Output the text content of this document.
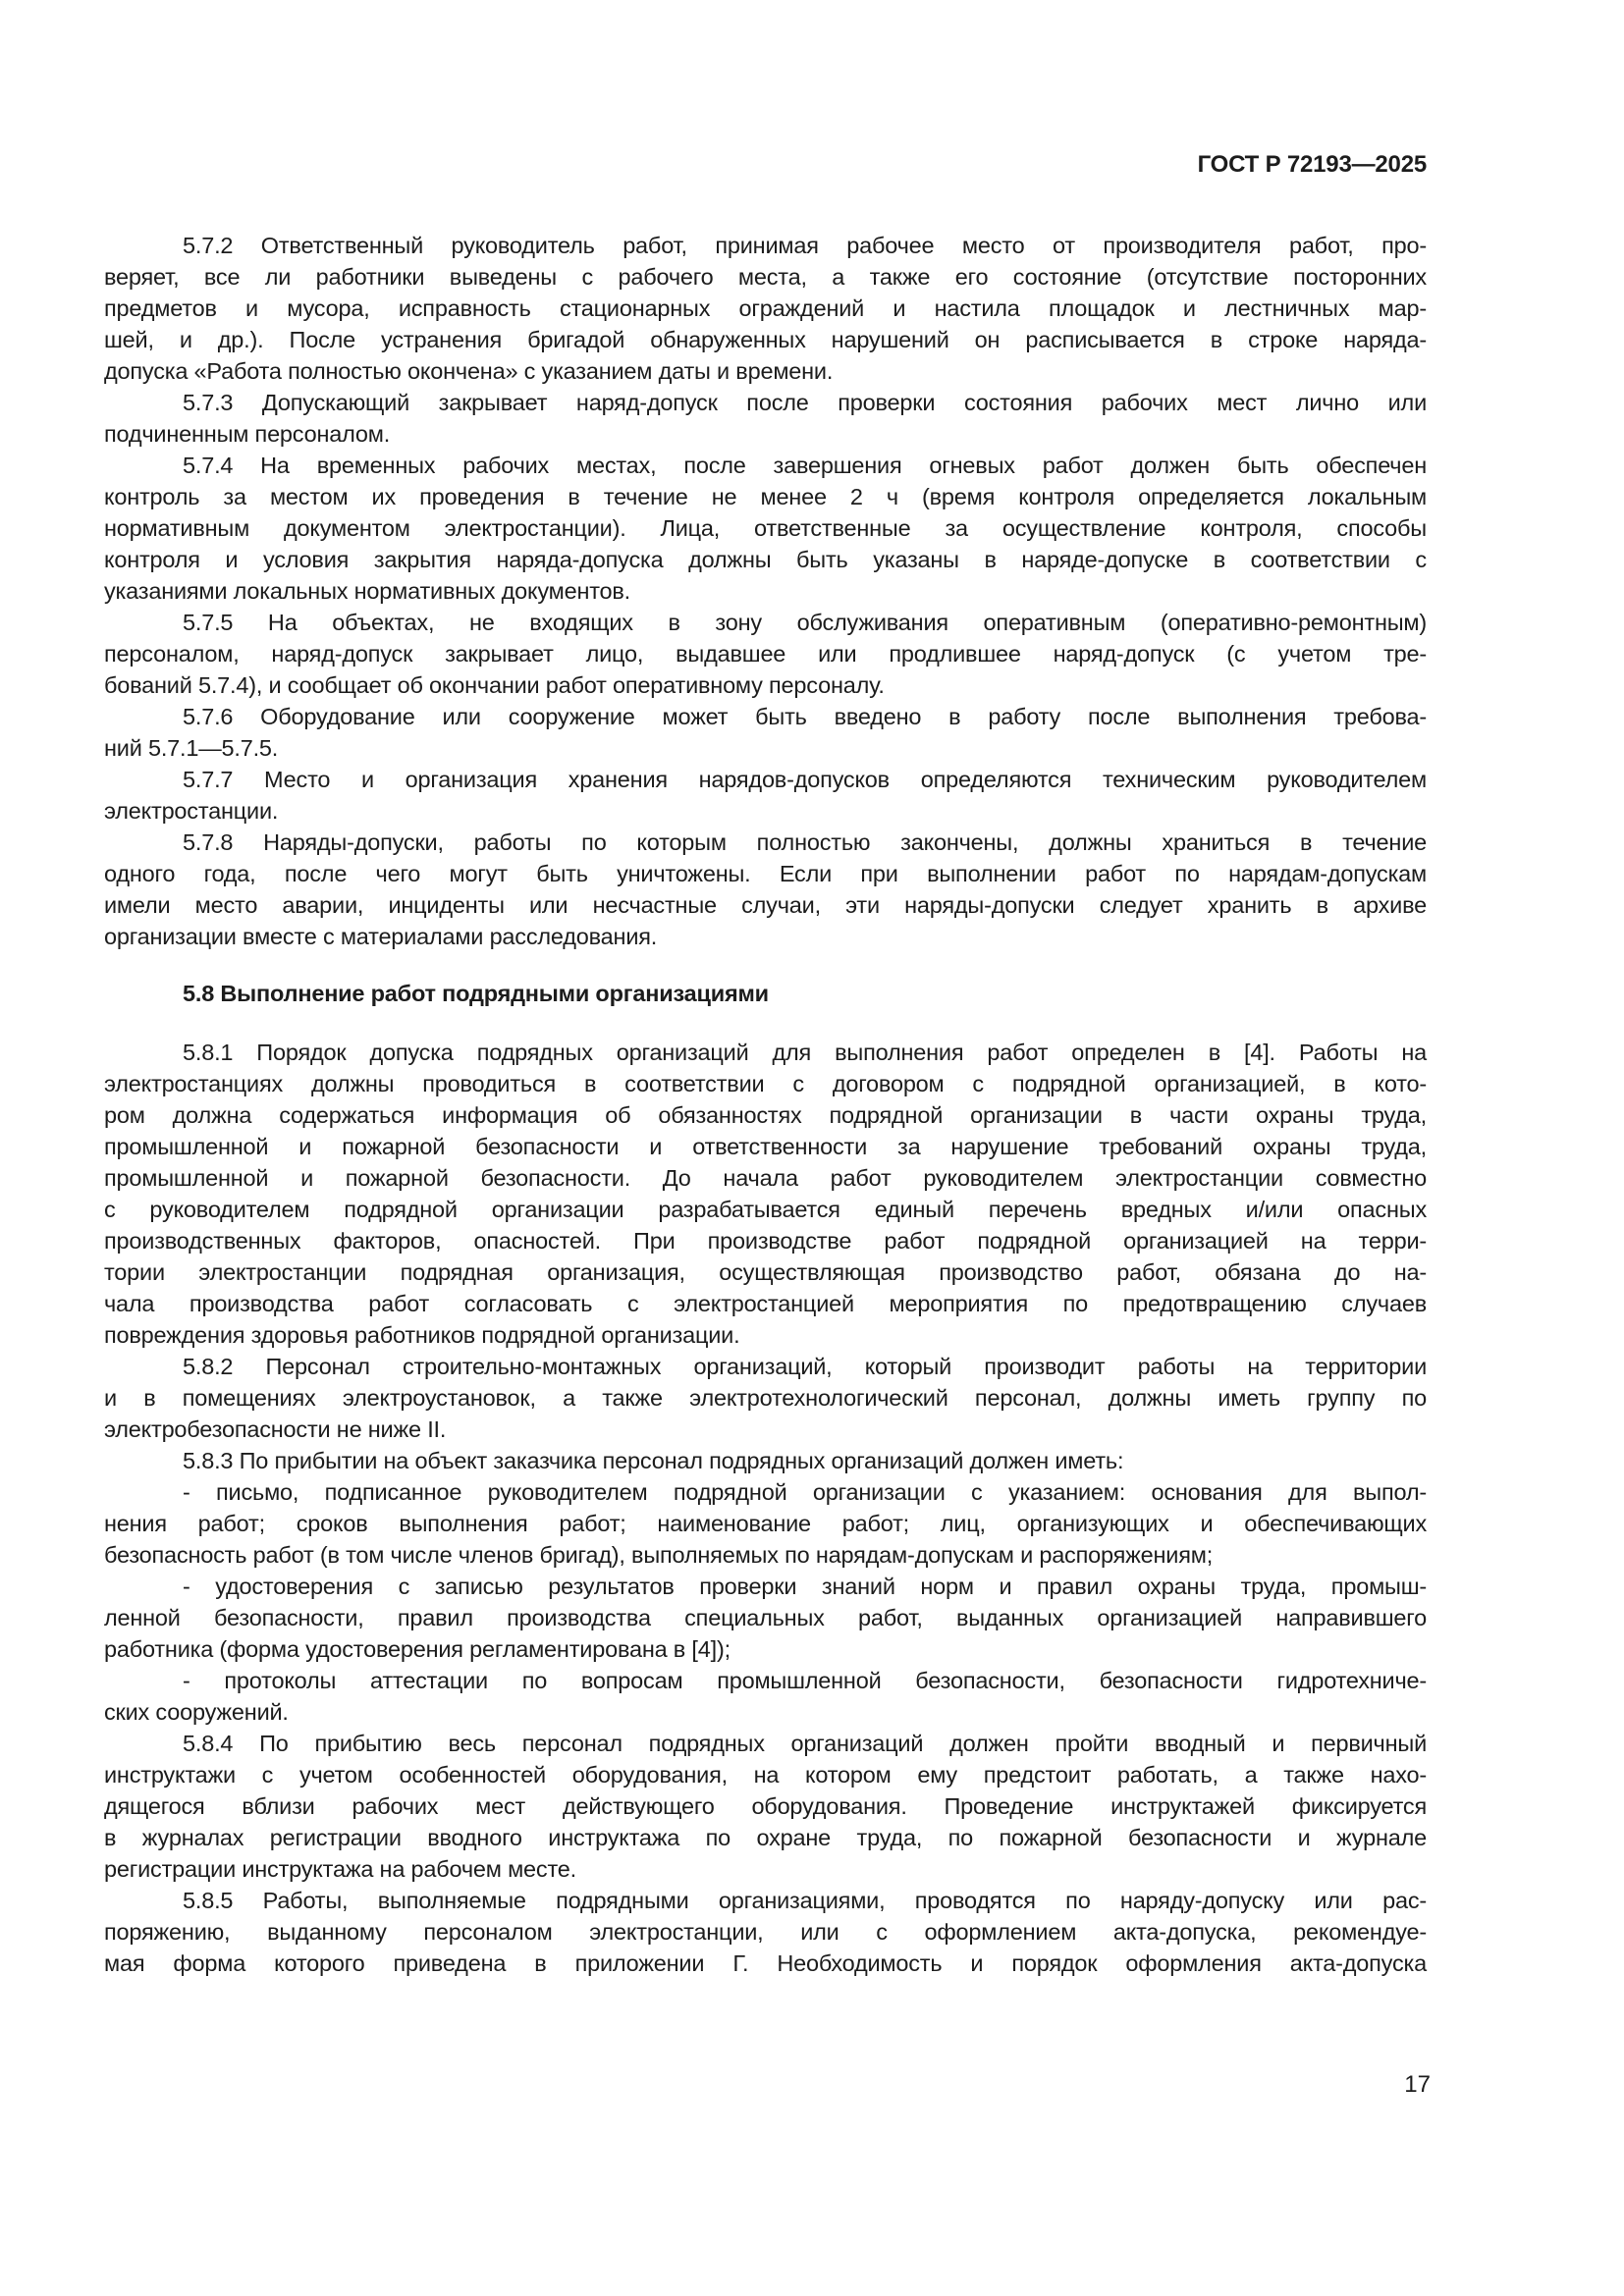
ГОСТ Р 72193—2025
5.7.2 Ответственный руководитель работ, принимая рабочее место от производителя работ, про-
веряет, все ли работники выведены с рабочего места, а также его состояние (отсутствие посторонних
предметов и мусора, исправность стационарных ограждений и настила площадок и лестничных мар-
шей, и др.). После устранения бригадой обнаруженных нарушений он расписывается в строке наряда-
допуска «Работа полностью окончена» с указанием даты и времени.
5.7.3 Допускающий закрывает наряд-допуск после проверки состояния рабочих мест лично или
подчиненным персоналом.
5.7.4 На временных рабочих местах, после завершения огневых работ должен быть обеспечен
контроль за местом их проведения в течение не менее 2 ч (время контроля определяется локальным
нормативным документом электростанции). Лица, ответственные за осуществление контроля, способы
контроля и условия закрытия наряда-допуска должны быть указаны в наряде-допуске в соответствии с
указаниями локальных нормативных документов.
5.7.5 На объектах, не входящих в зону обслуживания оперативным (оперативно-ремонтным)
персоналом, наряд-допуск закрывает лицо, выдавшее или продлившее наряд-допуск (с учетом тре-
бований 5.7.4), и сообщает об окончании работ оперативному персоналу.
5.7.6 Оборудование или сооружение может быть введено в работу после выполнения требова-
ний 5.7.1—5.7.5.
5.7.7 Место и организация хранения нарядов-допусков определяются техническим руководителем
электростанции.
5.7.8 Наряды-допуски, работы по которым полностью закончены, должны храниться в течение
одного года, после чего могут быть уничтожены. Если при выполнении работ по нарядам-допускам
имели место аварии, инциденты или несчастные случаи, эти наряды-допуски следует хранить в архиве
организации вместе с материалами расследования.
5.8 Выполнение работ подрядными организациями
5.8.1 Порядок допуска подрядных организаций для выполнения работ определен в [4]. Работы на
электростанциях должны проводиться в соответствии с договором с подрядной организацией, в кото-
ром должна содержаться информация об обязанностях подрядной организации в части охраны труда,
промышленной и пожарной безопасности и ответственности за нарушение требований охраны труда,
промышленной и пожарной безопасности. До начала работ руководителем электростанции совместно
с руководителем подрядной организации разрабатывается единый перечень вредных и/или опасных
производственных факторов, опасностей. При производстве работ подрядной организацией на терри-
тории электростанции подрядная организация, осуществляющая производство работ, обязана до на-
чала производства работ согласовать с электростанцией мероприятия по предотвращению случаев
повреждения здоровья работников подрядной организации.
5.8.2 Персонал строительно-монтажных организаций, который производит работы на территории
и в помещениях электроустановок, а также электротехнологический персонал, должны иметь группу по
электробезопасности не ниже II.
5.8.3 По прибытии на объект заказчика персонал подрядных организаций должен иметь:
- письмо, подписанное руководителем подрядной организации с указанием: основания для выпол-
нения работ; сроков выполнения работ; наименование работ; лиц, организующих и обеспечивающих
безопасность работ (в том числе членов бригад), выполняемых по нарядам-допускам и распоряжениям;
- удостоверения с записью результатов проверки знаний норм и правил охраны труда, промыш-
ленной безопасности, правил производства специальных работ, выданных организацией направившего
работника (форма удостоверения регламентирована в [4]);
- протоколы аттестации по вопросам промышленной безопасности, безопасности гидротехниче-
ских сооружений.
5.8.4 По прибытию весь персонал подрядных организаций должен пройти вводный и первичный
инструктажи с учетом особенностей оборудования, на котором ему предстоит работать, а также нахо-
дящегося вблизи рабочих мест действующего оборудования. Проведение инструктажей фиксируется
в журналах регистрации вводного инструктажа по охране труда, по пожарной безопасности и журнале
регистрации инструктажа на рабочем месте.
5.8.5 Работы, выполняемые подрядными организациями, проводятся по наряду-допуску или рас-
поряжению, выданному персоналом электростанции, или с оформлением акта-допуска, рекомендуе-
мая форма которого приведена в приложении Г. Необходимость и порядок оформления акта-допуска
17
